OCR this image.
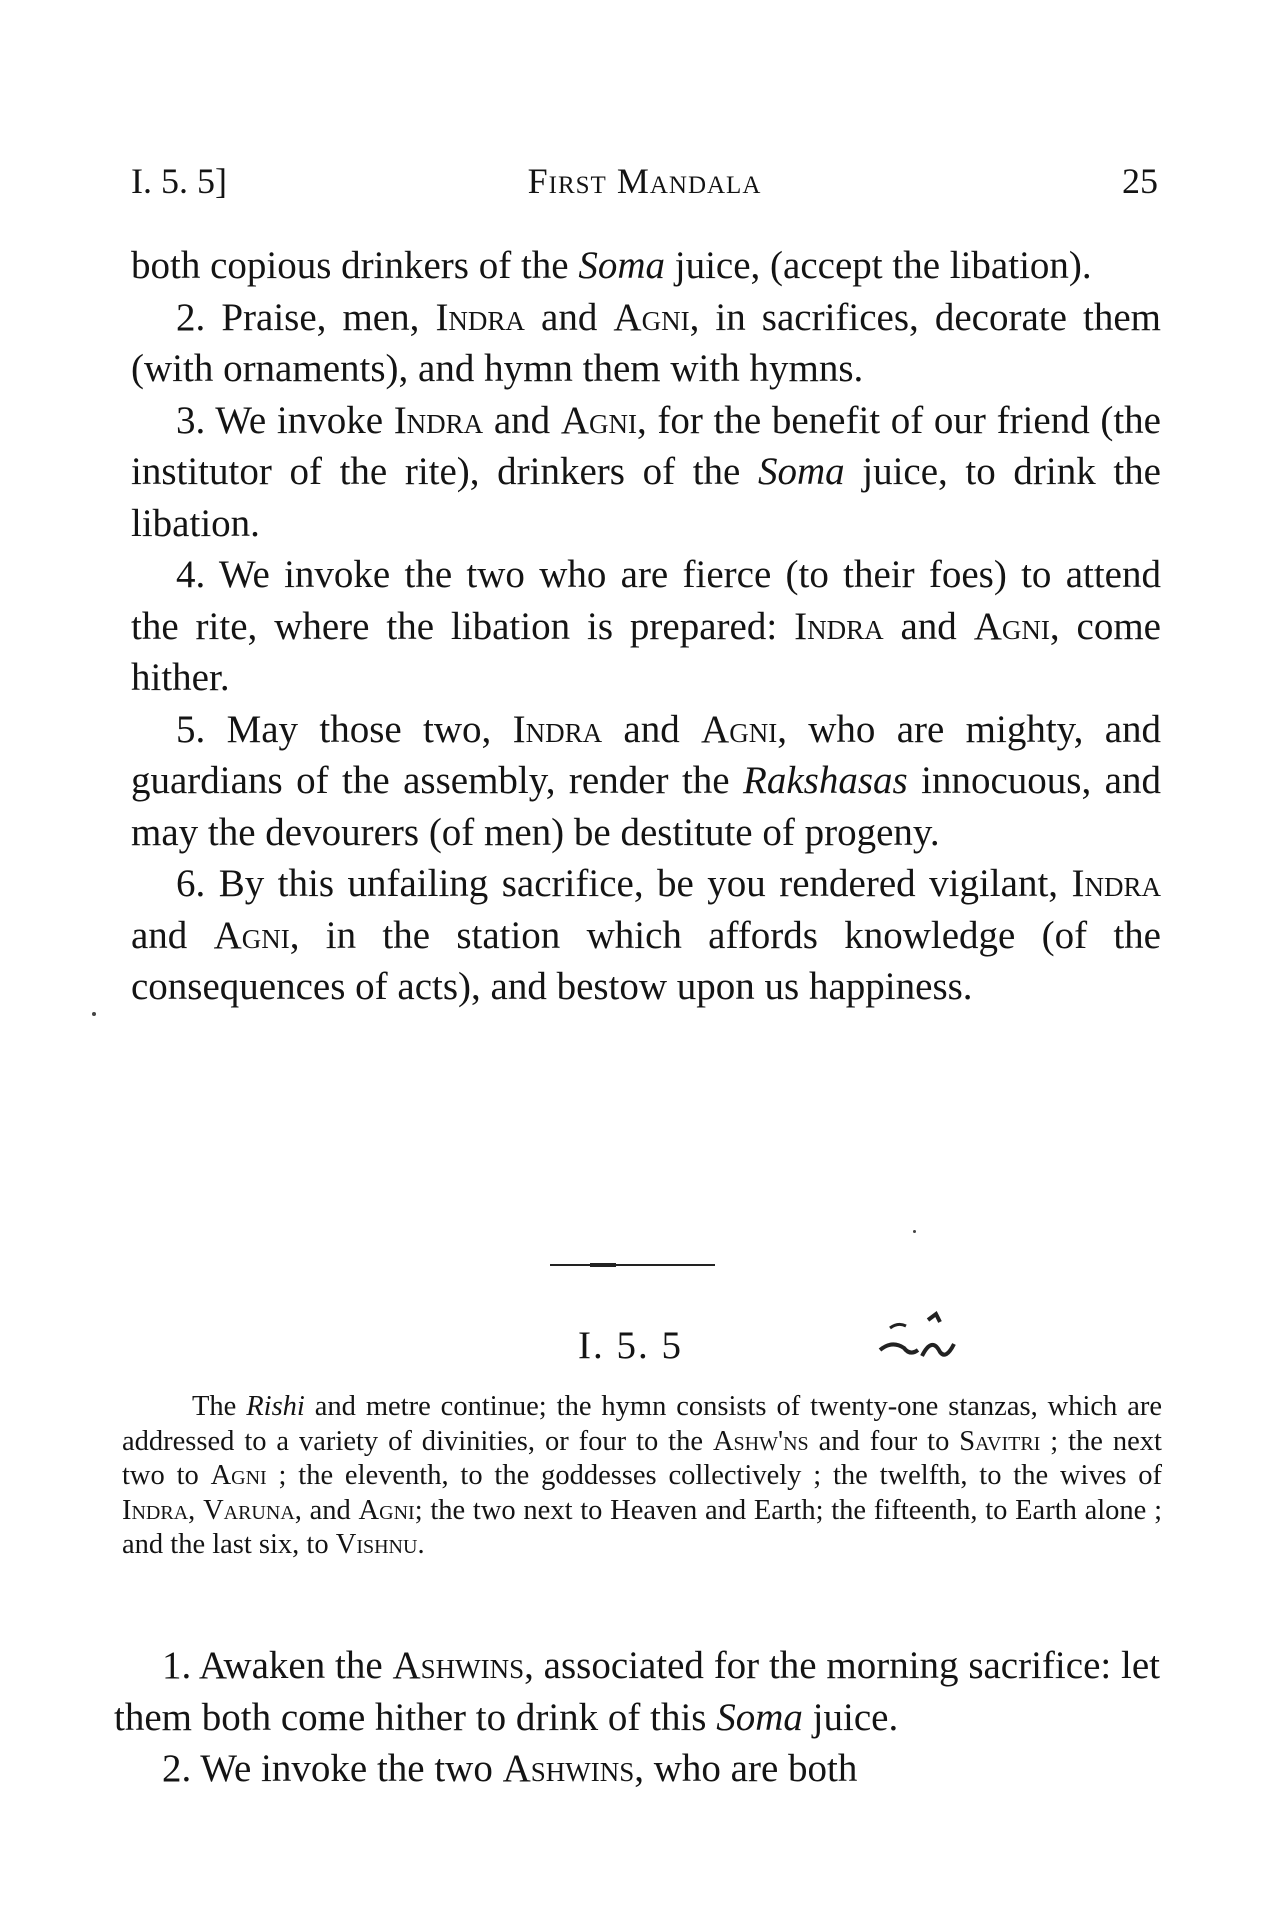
I. 5. 5]	First Mandala	25

both copious drinkers of the Soma juice, (accept the libation).

2. Praise, men, Indra and Agni, in sacrifices, decorate them (with ornaments), and hymn them with hymns.

3. We invoke Indra and Agni, for the benefit of our friend (the institutor of the rite), drinkers of the Soma juice, to drink the libation.

4. We invoke the two who are fierce (to their foes) to attend the rite, where the libation is prepared: Indra and Agni, come hither.

5. May those two, Indra and Agni, who are mighty, and guardians of the assembly, render the Rakshasas innocuous, and may the devourers (of men) be destitute of progeny.

6. By this unfailing sacrifice, be you rendered vigilant, Indra and Agni, in the station which affords knowledge (of the consequences of acts), and bestow upon us happiness.

I. 5. 5

The Rishi and metre continue; the hymn consists of twenty-one stanzas, which are addressed to a variety of divinities, or four to the Ashw'ns and four to Savitri ; the next two to Agni ; the eleventh, to the goddesses collectively ; the twelfth, to the wives of Indra, Varuna, and Agni; the two next to Heaven and Earth; the fifteenth, to Earth alone ; and the last six, to Vishnu.

1. Awaken the Ashwins, associated for the morning sacrifice: let them both come hither to drink of this Soma juice.

2. We invoke the two Ashwins, who are both
